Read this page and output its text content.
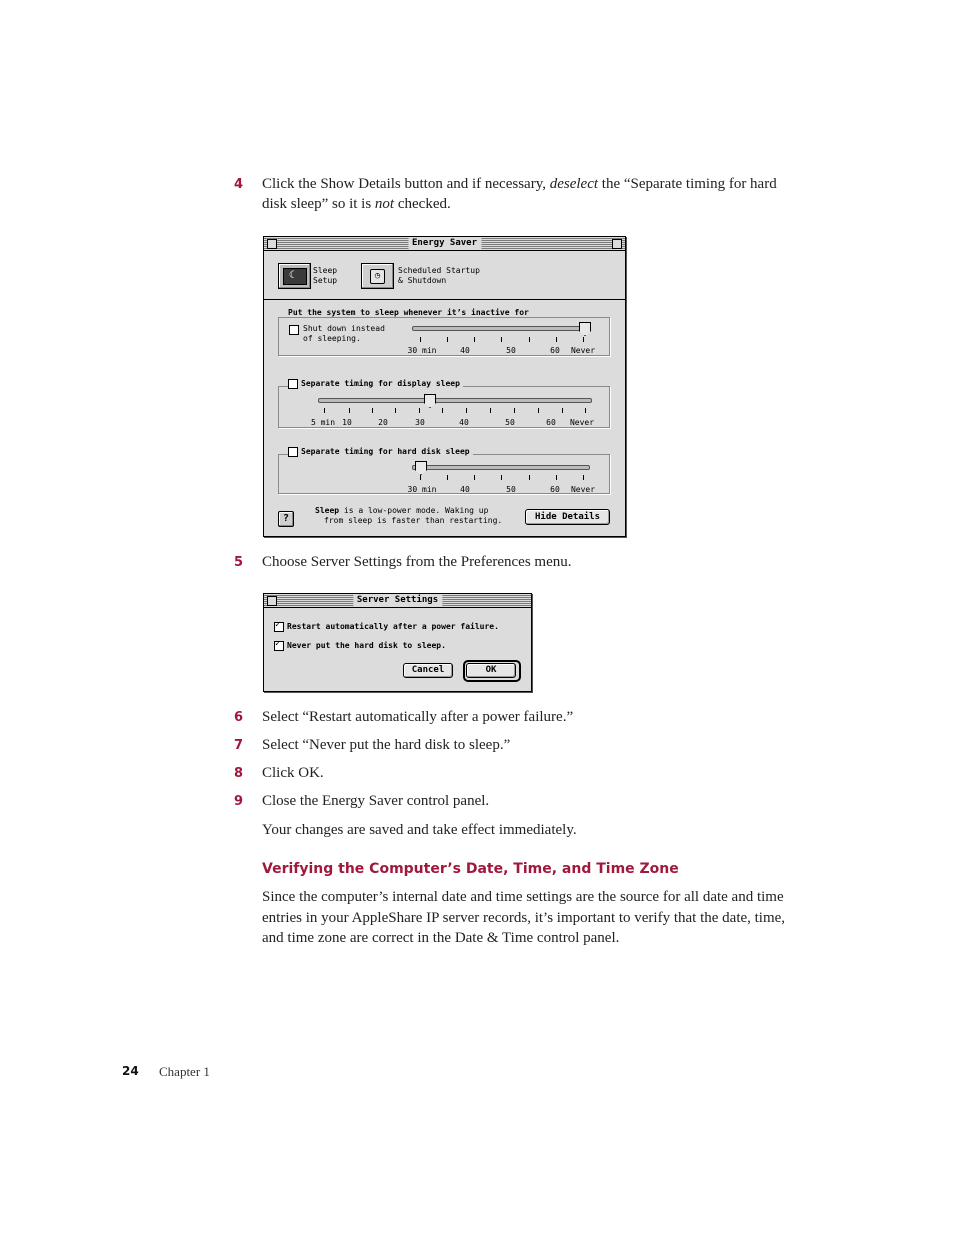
4 Click the Show Details button and if necessary, deselect the “Separate timing for hard disk sleep” so it is not checked.
Energy Saver
☾ Sleep
Setup	◷
Scheduled Startup
& Shutdown
Put the system to sleep whenever it’s inactive for
Shut down instead
of sleeping.
30 min	40	50	60 Never
Separate timing for display sleep
5 min 10	20	30	40	50	60 Never
Separate timing for hard disk sleep
30 min	40	50	60 Never
?
Sleep is a low-power mode. Waking up
from sleep is faster than restarting.	Hide Details
5 Choose Server Settings from the Preferences menu.
Server Settings
✓
Restart automatically after a power failure.
✓
Never put the hard disk to sleep.
Cancel	OK
6 Select “Restart automatically after a power failure.”
7 Select “Never put the hard disk to sleep.”
8 Click OK.
9 Close the Energy Saver control panel.
Your changes are saved and take effect immediately.
Verifying the Computer’s Date, Time, and Time Zone
Since the computer’s internal date and time settings are the source for all date and time entries in your AppleShare IP server records, it’s important to verify that the date, time, and time zone are correct in the Date & Time control panel.
24 Chapter 1
